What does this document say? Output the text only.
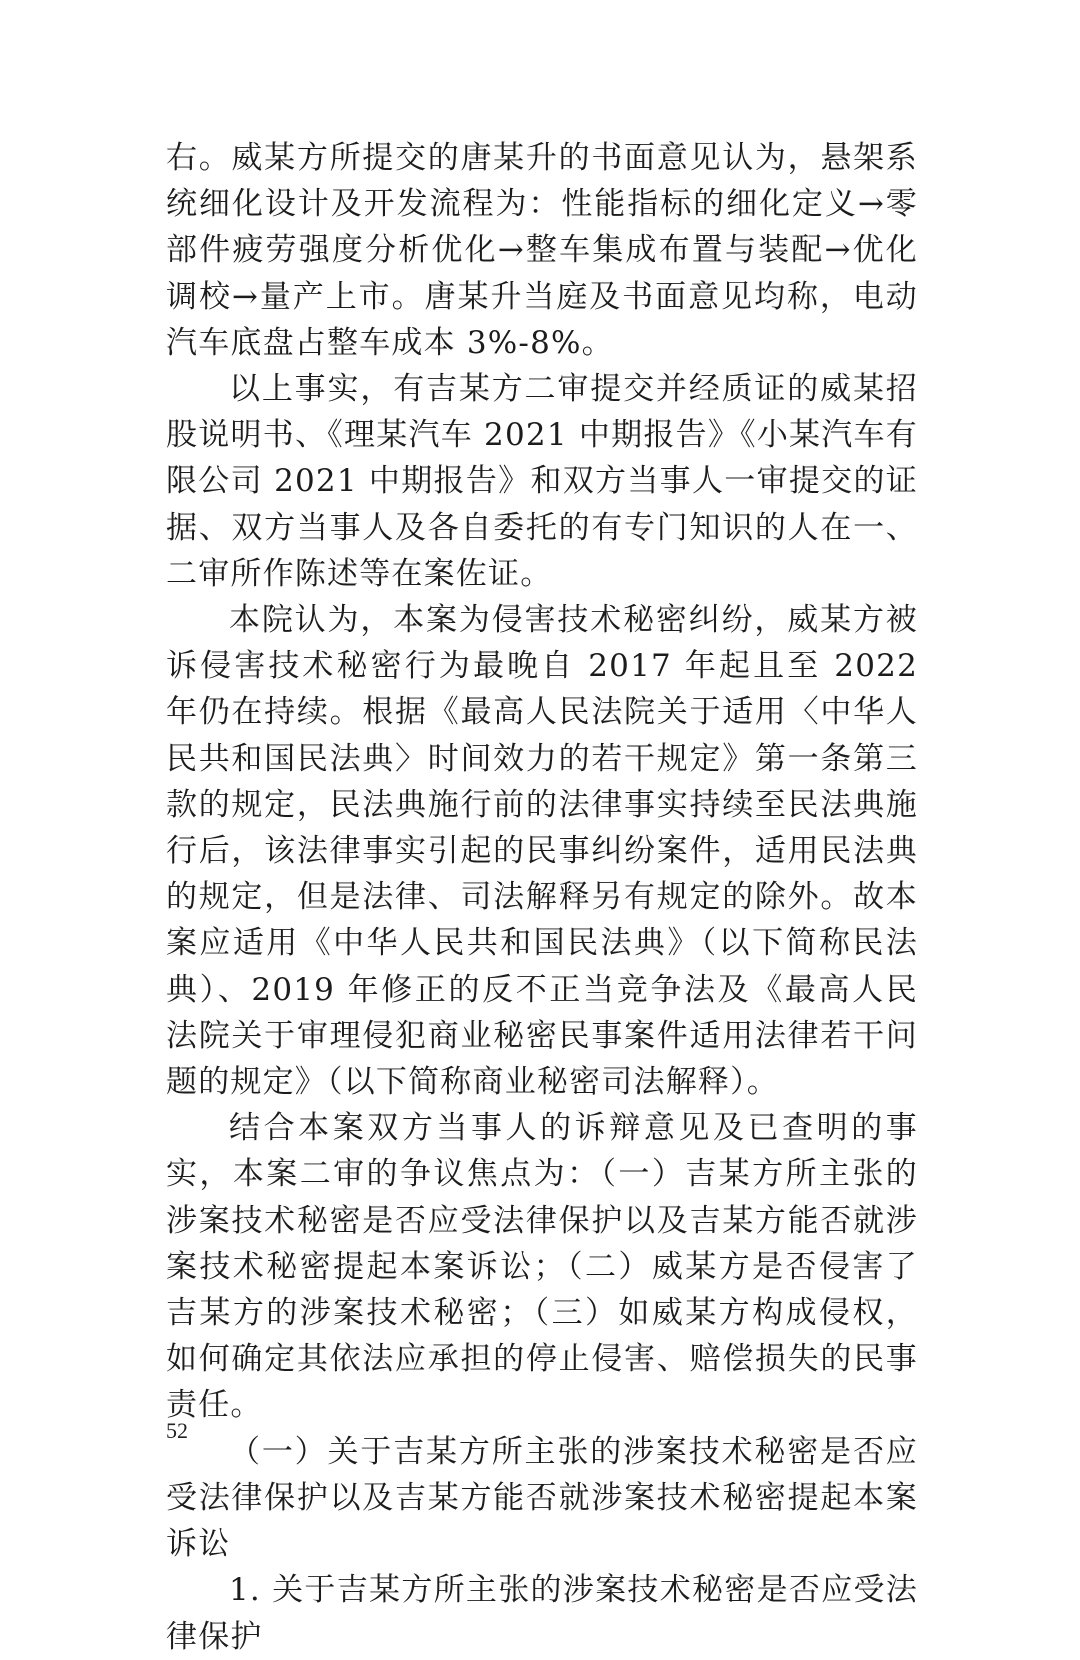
右。威某方所提交的唐某升的书面意见认为，悬架系统细化设计及开发流程为：性能指标的细化定义→零部件疲劳强度分析优化→整车集成布置与装配→优化调校→量产上市。唐某升当庭及书面意见均称，电动汽车底盘占整车成本 3%-8%。

以上事实，有吉某方二审提交并经质证的威某招股说明书、《理某汽车 2021 中期报告》《小某汽车有限公司 2021 中期报告》和双方当事人一审提交的证据、双方当事人及各自委托的有专门知识的人在一、二审所作陈述等在案佐证。

本院认为，本案为侵害技术秘密纠纷，威某方被诉侵害技术秘密行为最晚自 2017 年起且至 2022 年仍在持续。根据《最高人民法院关于适用〈中华人民共和国民法典〉时间效力的若干规定》第一条第三款的规定，民法典施行前的法律事实持续至民法典施行后，该法律事实引起的民事纠纷案件，适用民法典的规定，但是法律、司法解释另有规定的除外。故本案应适用《中华人民共和国民法典》（以下简称民法典）、2019 年修正的反不正当竞争法及《最高人民法院关于审理侵犯商业秘密民事案件适用法律若干问题的规定》（以下简称商业秘密司法解释）。

结合本案双方当事人的诉辩意见及已查明的事实，本案二审的争议焦点为：（一）吉某方所主张的涉案技术秘密是否应受法律保护以及吉某方能否就涉案技术秘密提起本案诉讼；（二）威某方是否侵害了吉某方的涉案技术秘密；（三）如威某方构成侵权，如何确定其依法应承担的停止侵害、赔偿损失的民事责任。

（一）关于吉某方所主张的涉案技术秘密是否应受法律保护以及吉某方能否就涉案技术秘密提起本案诉讼

1. 关于吉某方所主张的涉案技术秘密是否应受法律保护

52
